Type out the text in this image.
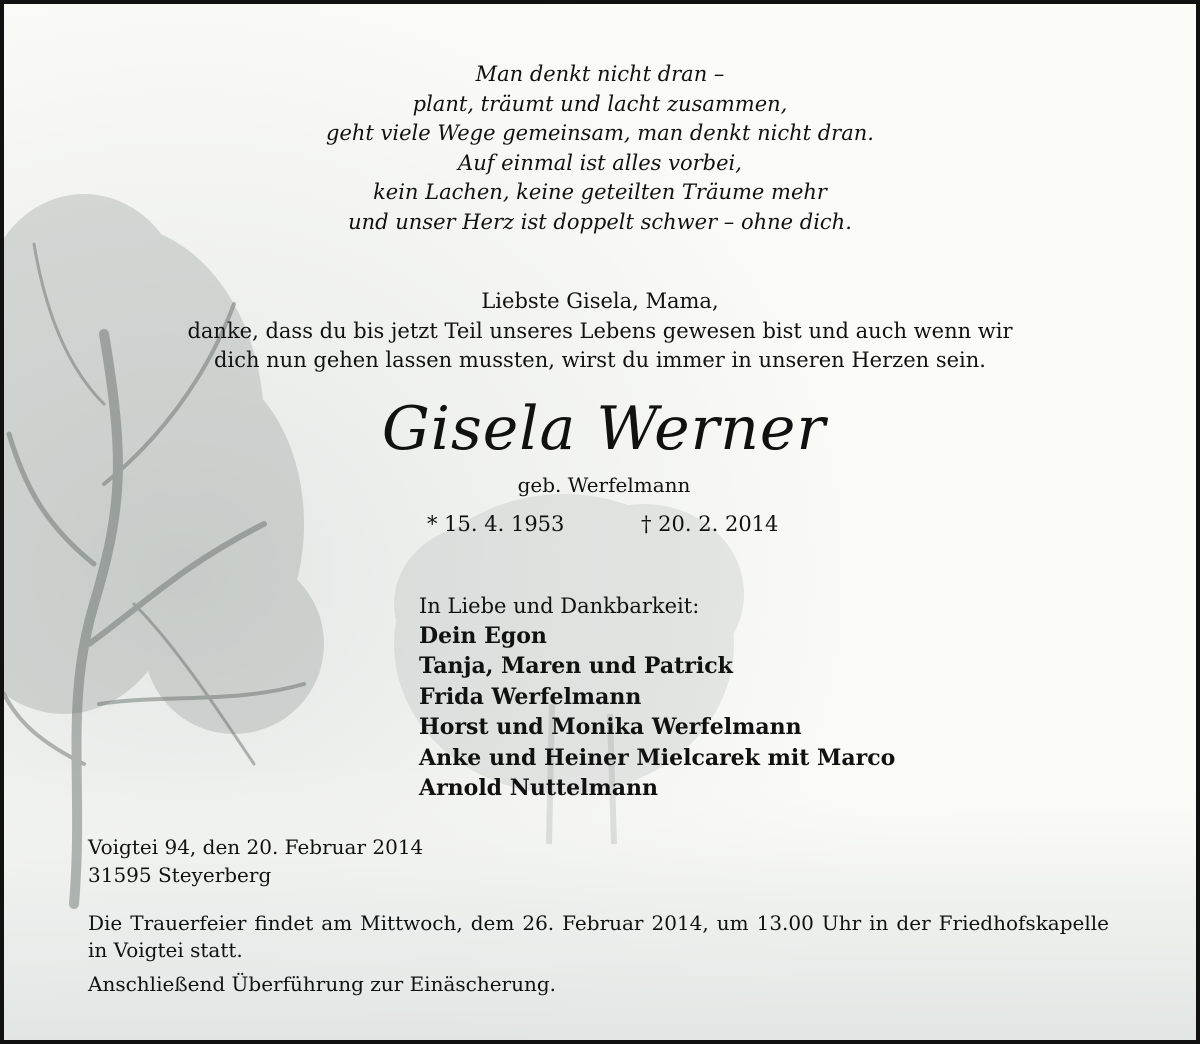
Man denkt nicht dran –
plant, träumt und lacht zusammen,
geht viele Wege gemeinsam, man denkt nicht dran.
Auf einmal ist alles vorbei,
kein Lachen, keine geteilten Träume mehr
und unser Herz ist doppelt schwer – ohne dich.
Liebste Gisela, Mama,
danke, dass du bis jetzt Teil unseres Lebens gewesen bist und auch wenn wir
dich nun gehen lassen mussten, wirst du immer in unseren Herzen sein.
Gisela Werner
geb. Werfelmann
* 15. 4. 1953	† 20. 2. 2014
In Liebe und Dankbarkeit:
Dein Egon
Tanja, Maren und Patrick
Frida Werfelmann
Horst und Monika Werfelmann
Anke und Heiner Mielcarek mit Marco
Arnold Nuttelmann
Voigtei 94, den 20. Februar 2014
31595 Steyerberg
Die Trauerfeier findet am Mittwoch, dem 26. Februar 2014, um 13.00 Uhr in der Friedhofskapelle in Voigtei statt.
Anschließend Überführung zur Einäscherung.
